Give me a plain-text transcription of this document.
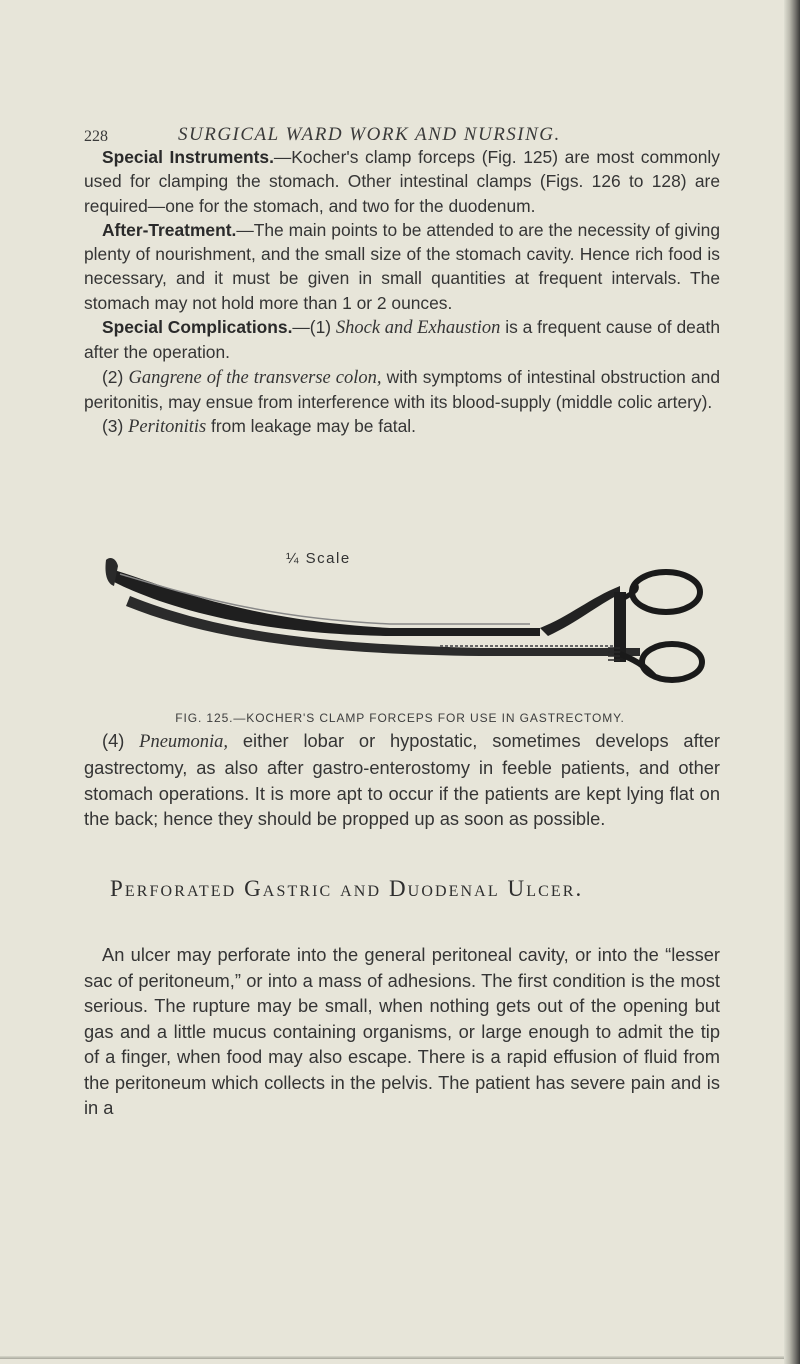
228	SURGICAL WARD WORK AND NURSING.

Special Instruments.—Kocher's clamp forceps (Fig. 125) are most commonly used for clamping the stomach. Other intestinal clamps (Figs. 126 to 128) are required—one for the stomach, and two for the duodenum.

After-Treatment.—The main points to be attended to are the necessity of giving plenty of nourishment, and the small size of the stomach cavity. Hence rich food is necessary, and it must be given in small quantities at frequent intervals. The stomach may not hold more than 1 or 2 ounces.

Special Complications.—(1) Shock and Exhaustion is a frequent cause of death after the operation.

(2) Gangrene of the transverse colon, with symptoms of intestinal obstruction and peritonitis, may ensue from interference with its blood-supply (middle colic artery).

(3) Peritonitis from leakage may be fatal.

¼ Scale
FIG. 125.—KOCHER'S CLAMP FORCEPS FOR USE IN GASTRECTOMY.

(4) Pneumonia, either lobar or hypostatic, sometimes develops after gastrectomy, as also after gastro-enterostomy in feeble patients, and other stomach operations. It is more apt to occur if the patients are kept lying flat on the back; hence they should be propped up as soon as possible.

Perforated Gastric and Duodenal Ulcer.

An ulcer may perforate into the general peritoneal cavity, or into the “lesser sac of peritoneum,” or into a mass of adhesions. The first condition is the most serious. The rupture may be small, when nothing gets out of the opening but gas and a little mucus containing organisms, or large enough to admit the tip of a finger, when food may also escape. There is a rapid effusion of fluid from the peritoneum which collects in the pelvis. The patient has severe pain and is in a
